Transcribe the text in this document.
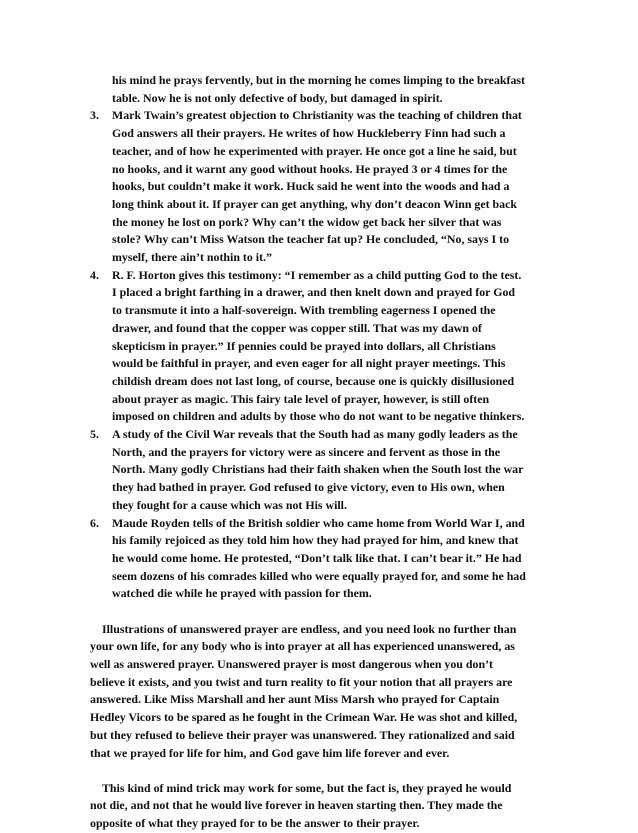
his mind he prays fervently, but in the morning he comes limping to the breakfast table. Now he is not only defective of body, but damaged in spirit.
3. Mark Twain’s greatest objection to Christianity was the teaching of children that God answers all their prayers. He writes of how Huckleberry Finn had such a teacher, and of how he experimented with prayer. He once got a line he said, but no hooks, and it warnt any good without hooks. He prayed 3 or 4 times for the hooks, but couldn’t make it work. Huck said he went into the woods and had a long think about it. If prayer can get anything, why don’t deacon Winn get back the money he lost on pork? Why can’t the widow get back her silver that was stole? Why can’t Miss Watson the teacher fat up? He concluded, “No, says I to myself, there ain’t nothin to it.”
4. R. F. Horton gives this testimony: “I remember as a child putting God to the test. I placed a bright farthing in a drawer, and then knelt down and prayed for God to transmute it into a half-sovereign. With trembling eagerness I opened the drawer, and found that the copper was copper still. That was my dawn of skepticism in prayer.” If pennies could be prayed into dollars, all Christians would be faithful in prayer, and even eager for all night prayer meetings. This childish dream does not last long, of course, because one is quickly disillusioned about prayer as magic. This fairy tale level of prayer, however, is still often imposed on children and adults by those who do not want to be negative thinkers.
5. A study of the Civil War reveals that the South had as many godly leaders as the North, and the prayers for victory were as sincere and fervent as those in the North. Many godly Christians had their faith shaken when the South lost the war they had bathed in prayer. God refused to give victory, even to His own, when they fought for a cause which was not His will.
6. Maude Royden tells of the British soldier who came home from World War I, and his family rejoiced as they told him how they had prayed for him, and knew that he would come home. He protested, “Don’t talk like that. I can’t bear it.” He had seem dozens of his comrades killed who were equally prayed for, and some he had watched die while he prayed with passion for them.

Illustrations of unanswered prayer are endless, and you need look no further than your own life, for any body who is into prayer at all has experienced unanswered, as well as answered prayer. Unanswered prayer is most dangerous when you don’t believe it exists, and you twist and turn reality to fit your notion that all prayers are answered. Like Miss Marshall and her aunt Miss Marsh who prayed for Captain Hedley Vicors to be spared as he fought in the Crimean War. He was shot and killed, but they refused to believe their prayer was unanswered. They rationalized and said that we prayed for life for him, and God gave him life forever and ever.

This kind of mind trick may work for some, but the fact is, they prayed he would not die, and not that he would live forever in heaven starting then. They made the opposite of what they prayed for to be the answer to their prayer.
